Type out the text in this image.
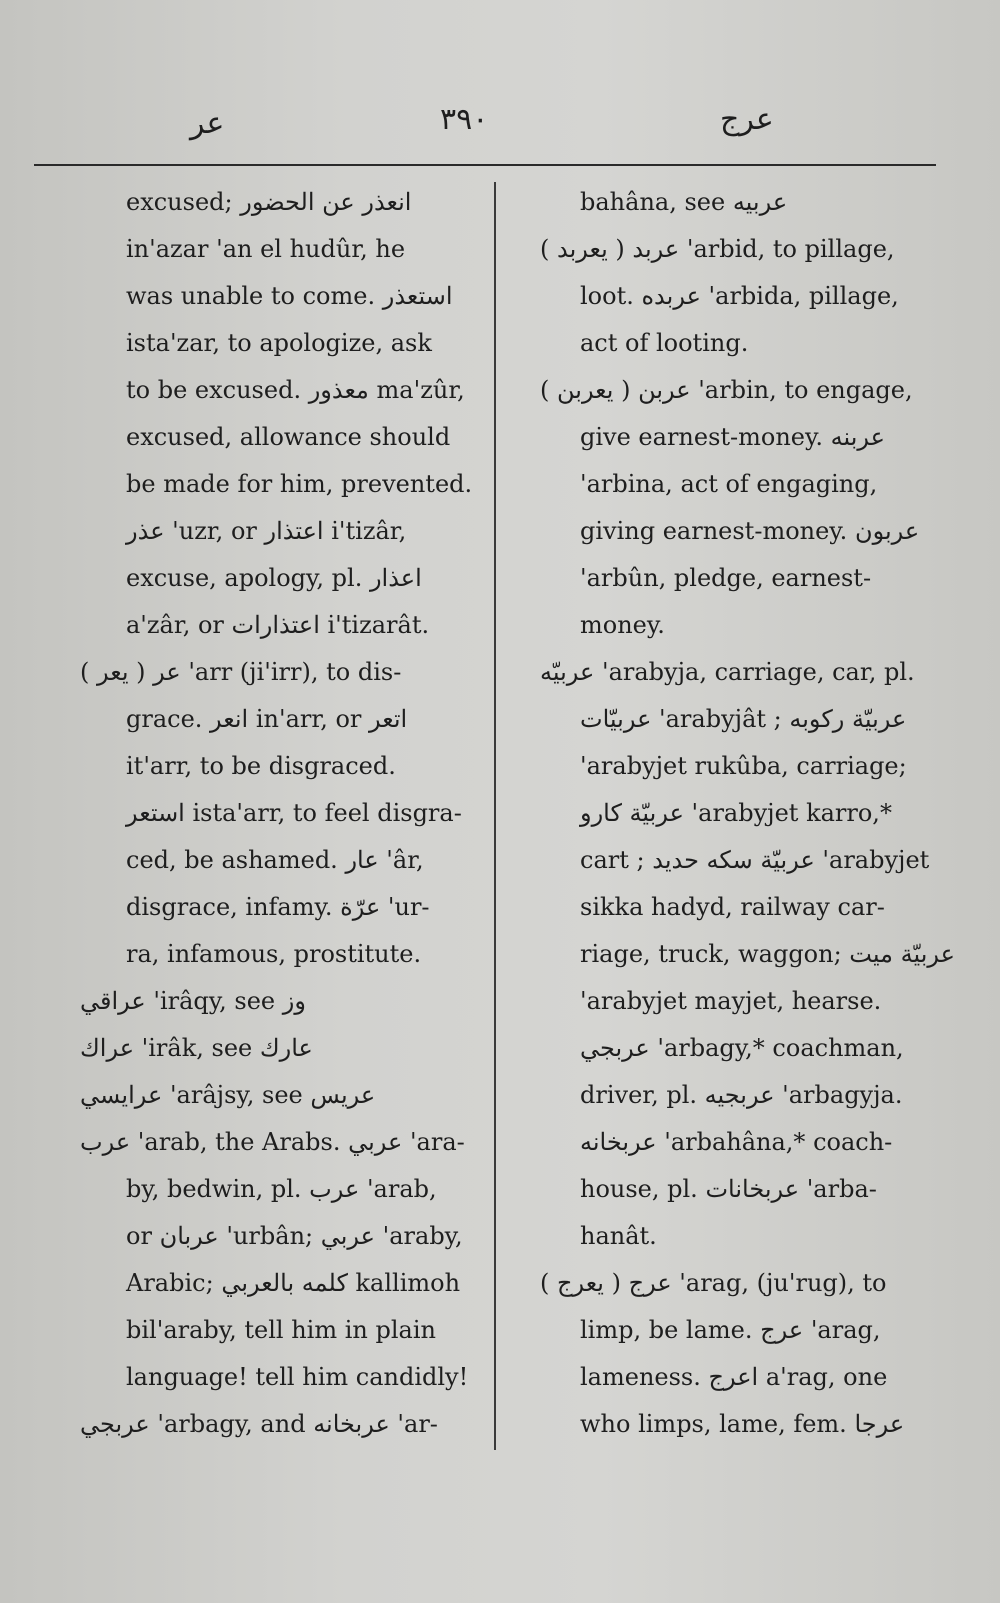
عر	٣٩٠	عرج
excused; انعذر عن الحضور
in'azar 'an el hudûr, he
was unable to come. استعذر
ista'zar, to apologize, ask
to be excused. معذور ma'zûr,
excused, allowance should
be made for him, prevented.
عذر 'uzr, or اعتذار i'tizâr,
excuse, apology, pl. اعذار
a'zâr, or اعتذارات i'tizarât.
عر ( يعر ) 'arr (ji'irr), to dis-
grace. انعر in'arr, or اتعر
it'arr, to be disgraced.
استعر ista'arr, to feel disgra-
ced, be ashamed. عار 'âr,
disgrace, infamy. عرّة 'ur-
ra, infamous, prostitute.
عراقي 'irâqy, see وز
عراك 'irâk, see عارك
عرايسي 'arâjsy, see عريس
عرب 'arab, the Arabs. عربي 'ara-
by, bedwin, pl. عرب 'arab,
or عربان 'urbân; عربي 'araby,
Arabic; كلمه بالعربي kallimoh
bil'araby, tell him in plain
language! tell him candidly!
عربجي 'arbagy, and عربخانه 'ar-
bahâna, see عربيه
عربد ( يعربد ) 'arbid, to pillage,
loot. عربده 'arbida, pillage,
act of looting.
عربن ( يعربن ) 'arbin, to engage,
give earnest-money. عربنه
'arbina, act of engaging,
giving earnest-money. عربون
'arbûn, pledge, earnest-
money.
عربيّه 'arabyja, carriage, car, pl.
عربيّات 'arabyjât ; عربيّة ركوبه
'arabyjet rukûba, carriage;
عربيّة كارو 'arabyjet karro,*
cart ; عربيّة سكه حديد 'arabyjet
sikka hadyd, railway car-
riage, truck, waggon; عربيّة ميت
'arabyjet mayjet, hearse.
عربجي 'arbagy,* coachman,
driver, pl. عربجيه 'arbagyja.
عربخانه 'arbahâna,* coach-
house, pl. عربخانات 'arba-
hanât.
عرج ( يعرج ) 'arag, (ju'rug), to
limp, be lame. عرج 'arag,
lameness. اعرج a'rag, one
who limps, lame, fem. عرجا
